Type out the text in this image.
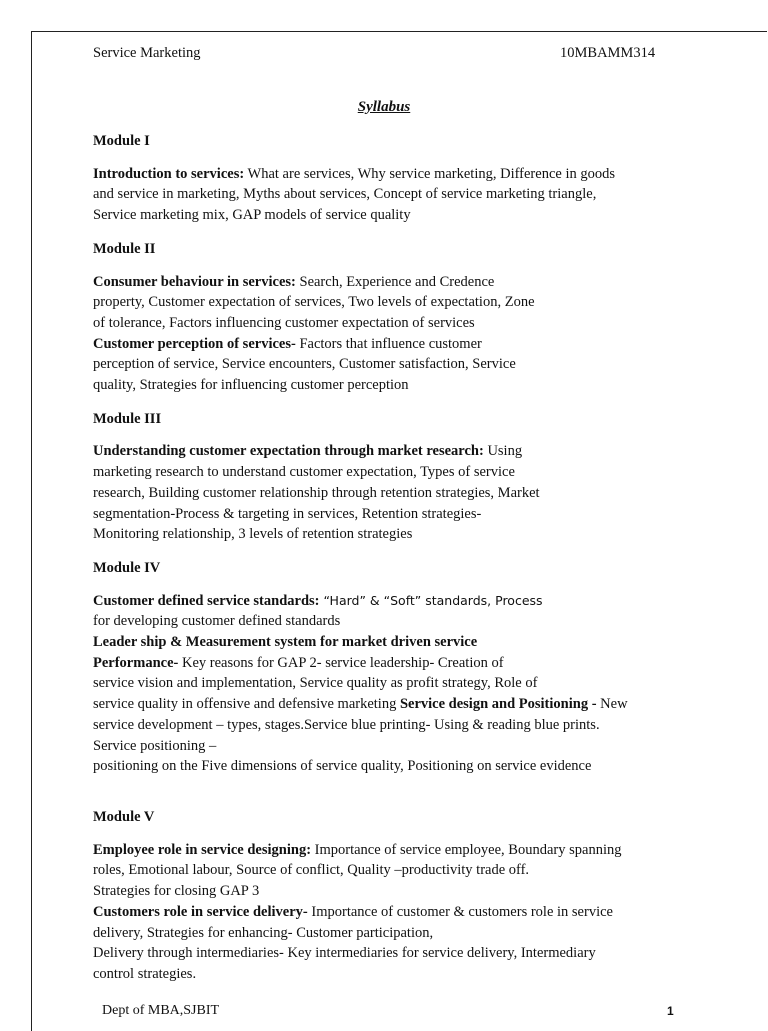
Service Marketing	10MBAMM314
Syllabus
Module I
Introduction to services: What are services, Why service marketing, Difference in goods
and service in marketing, Myths about services, Concept of service marketing triangle,
Service marketing mix, GAP models of service quality
Module II
Consumer behaviour in services: Search, Experience and Credence
property, Customer expectation of services, Two levels of expectation, Zone
of tolerance, Factors influencing customer expectation of services
Customer perception of services- Factors that influence customer
perception of service, Service encounters, Customer satisfaction, Service
quality, Strategies for influencing customer perception
Module III
Understanding customer expectation through market research: Using
marketing research to understand customer expectation, Types of service
research, Building customer relationship through retention strategies, Market
segmentation-Process & targeting in services, Retention strategies-
Monitoring relationship, 3 levels of retention strategies
Module IV
Customer defined service standards: “Hard” & “Soft” standards, Process
for developing customer defined standards
Leader ship & Measurement system for market driven service
Performance- Key reasons for GAP 2- service leadership- Creation of
service vision and implementation, Service quality as profit strategy, Role of
service quality in offensive and defensive marketing Service design and Positioning - New
service development – types, stages.Service blue printing- Using & reading blue prints.
Service positioning –
positioning on the Five dimensions of service quality, Positioning on service evidence
Module V
Employee role in service designing: Importance of service employee, Boundary spanning
roles, Emotional labour, Source of conflict, Quality –productivity trade off.
Strategies for closing GAP 3
Customers role in service delivery- Importance of customer & customers role in service
delivery, Strategies for enhancing- Customer participation,
Delivery through intermediaries- Key intermediaries for service delivery, Intermediary
control strategies.
Dept of MBA,SJBIT	1
